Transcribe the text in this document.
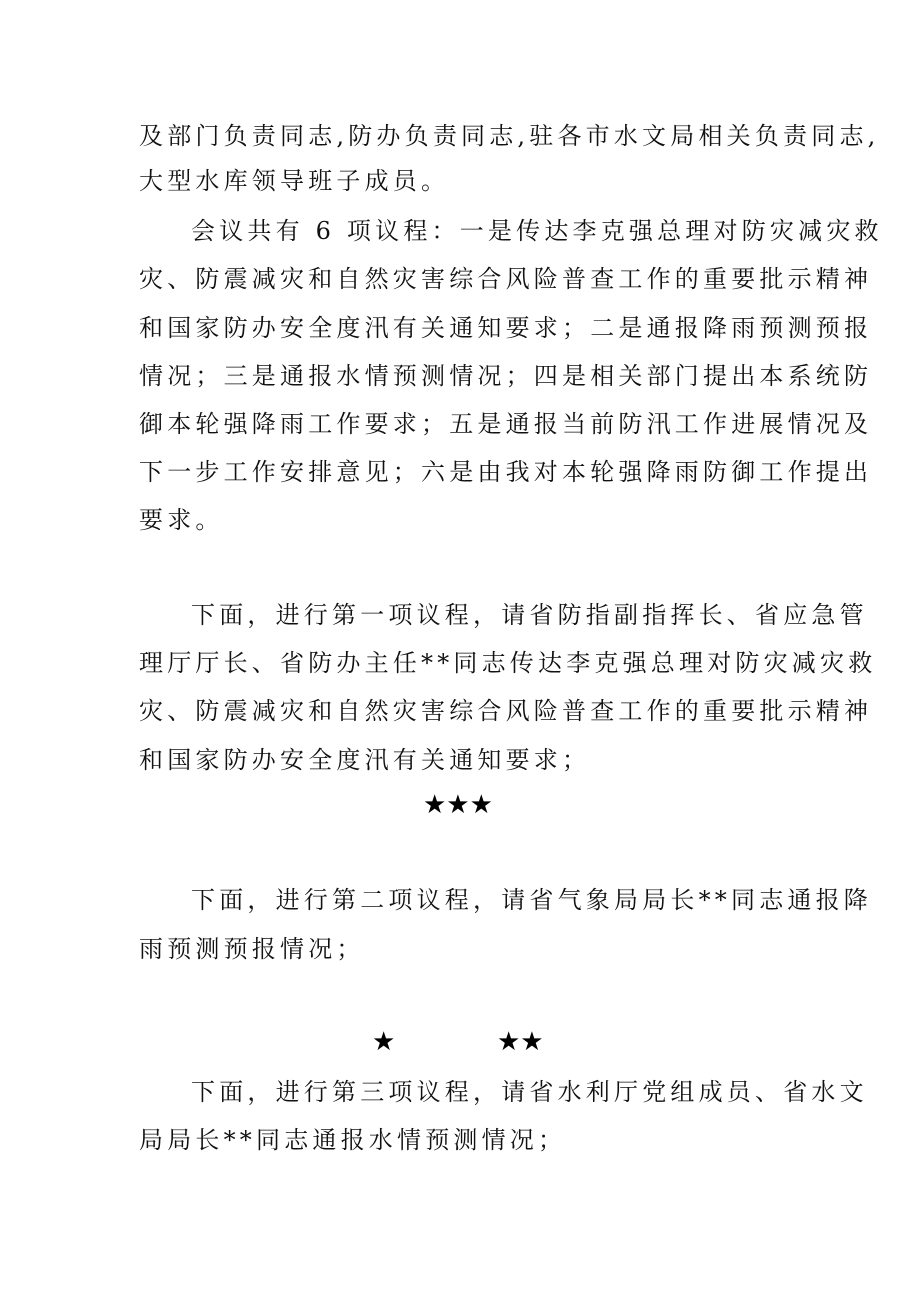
及部门负责同志,防办负责同志,驻各市水文局相关负责同志,
大型水库领导班子成员。
会议共有 6 项议程：一是传达李克强总理对防灾减灾救
灾、防震减灾和自然灾害综合风险普查工作的重要批示精神
和国家防办安全度汛有关通知要求；二是通报降雨预测预报
情况；三是通报水情预测情况；四是相关部门提出本系统防
御本轮强降雨工作要求；五是通报当前防汛工作进展情况及
下一步工作安排意见；六是由我对本轮强降雨防御工作提出
要求。
下面，进行第一项议程，请省防指副指挥长、省应急管
理厅厅长、省防办主任**同志传达李克强总理对防灾减灾救
灾、防震减灾和自然灾害综合风险普查工作的重要批示精神
和国家防办安全度汛有关通知要求；
★★★
下面，进行第二项议程，请省气象局局长**同志通报降
雨预测预报情况；
★	★★
下面，进行第三项议程，请省水利厅党组成员、省水文
局局长**同志通报水情预测情况；
